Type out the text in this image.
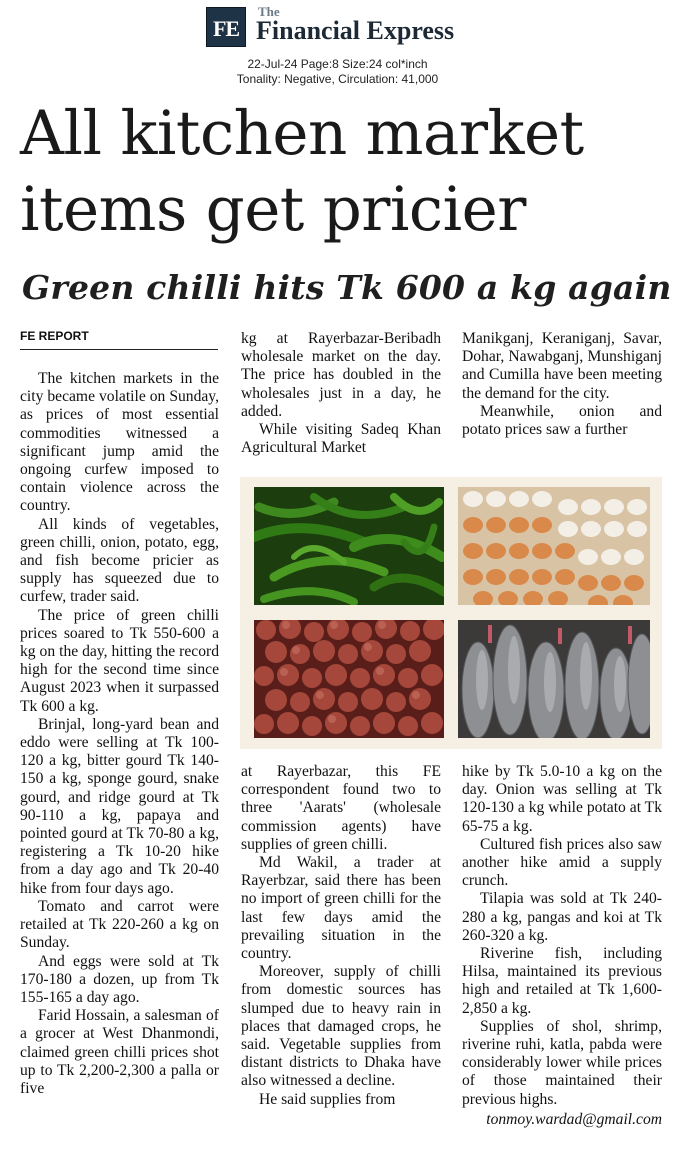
FE
The
Financial Express
22-Jul-24 Page:8 Size:24 col*inch
Tonality: Negative, Circulation: 41,000
All kitchen market
items get pricier
Green chilli hits Tk 600 a kg again
FE REPORT

The kitchen markets in the city became volatile on Sunday, as prices of most essential commodities witnessed a significant jump amid the ongoing curfew imposed to contain violence across the country.

All kinds of vegetables, green chilli, onion, potato, egg, and fish become pricier as supply has squeezed due to curfew, trader said.

The price of green chilli prices soared to Tk 550-600 a kg on the day, hitting the record high for the second time since August 2023 when it surpassed Tk 600 a kg.

Brinjal, long-yard bean and eddo were selling at Tk 100-120 a kg, bitter gourd Tk 140-150 a kg, sponge gourd, snake gourd, and ridge gourd at Tk 90-110 a kg, papaya and pointed gourd at Tk 70-80 a kg, registering a Tk 10-20 hike from a day ago and Tk 20-40 hike from four days ago.

Tomato and carrot were retailed at Tk 220-260 a kg on Sunday.

And eggs were sold at Tk 170-180 a dozen, up from Tk 155-165 a day ago.

Farid Hossain, a salesman of a grocer at West Dhanmondi, claimed green chilli prices shot up to Tk 2,200-2,300 a palla or five

kg at Rayerbazar-Beribadh wholesale market on the day. The price has doubled in the wholesales just in a day, he added.

While visiting Sadeq Khan Agricultural Market

Manikganj, Keraniganj, Savar, Dohar, Nawabganj, Munshiganj and Cumilla have been meeting the demand for the city.

Meanwhile, onion and potato prices saw a further

at Rayerbazar, this FE correspondent found two to three 'Aarats' (wholesale commission agents) have supplies of green chilli.

Md Wakil, a trader at Rayerbzar, said there has been no import of green chilli for the last few days amid the prevailing situation in the country.

Moreover, supply of chilli from domestic sources has slumped due to heavy rain in places that damaged crops, he said. Vegetable supplies from distant districts to Dhaka have also witnessed a decline.

He said supplies from

hike by Tk 5.0-10 a kg on the day. Onion was selling at Tk 120-130 a kg while potato at Tk 65-75 a kg.

Cultured fish prices also saw another hike amid a supply crunch.

Tilapia was sold at Tk 240-280 a kg, pangas and koi at Tk 260-320 a kg.

Riverine fish, including Hilsa, maintained its previous high and retailed at Tk 1,600-2,850 a kg.

Supplies of shol, shrimp, riverine ruhi, katla, pabda were considerably lower while prices of those maintained their previous highs.

tonmoy.wardad@gmail.com
